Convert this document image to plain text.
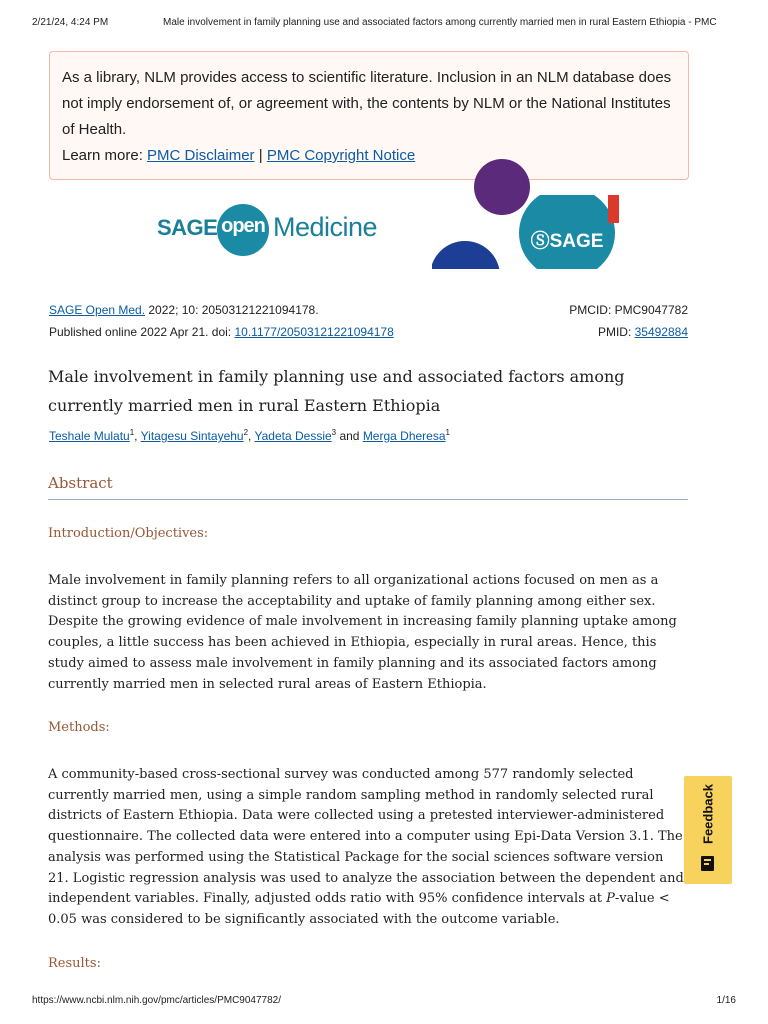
2/21/24, 4:24 PM	Male involvement in family planning use and associated factors among currently married men in rural Eastern Ethiopia - PMC
As a library, NLM provides access to scientific literature. Inclusion in an NLM database does not imply endorsement of, or agreement with, the contents by NLM or the National Institutes of Health.
Learn more: PMC Disclaimer | PMC Copyright Notice
SAGE open Medicine	ⓈSAGE
SAGE Open Med. 2022; 10: 20503121221094178.	PMCID: PMC9047782
Published online 2022 Apr 21. doi: 10.1177/20503121221094178	PMID: 35492884
Male involvement in family planning use and associated factors among currently married men in rural Eastern Ethiopia
Teshale Mulatu$^1$, Yitagesu Sintayehu$^2$, Yadeta Dessie$^3$ and Merga Dheresa$^1$
Abstract
Introduction/Objectives:

Male involvement in family planning refers to all organizational actions focused on men as a distinct group to increase the acceptability and uptake of family planning among either sex. Despite the growing evidence of male involvement in increasing family planning uptake among couples, a little success has been achieved in Ethiopia, especially in rural areas. Hence, this study aimed to assess male involvement in family planning and its associated factors among currently married men in selected rural areas of Eastern Ethiopia.

Methods:

A community-based cross-sectional survey was conducted among 577 randomly selected currently married men, using a simple random sampling method in randomly selected rural districts of Eastern Ethiopia. Data were collected using a pretested interviewer-administered questionnaire. The collected data were entered into a computer using Epi-Data Version 3.1. The analysis was performed using the Statistical Package for the social sciences software version 21. Logistic regression analysis was used to analyze the association between the dependent and independent variables. Finally, adjusted odds ratio with 95% confidence intervals at P-value < 0.05 was considered to be significantly associated with the outcome variable.

Results:
Feedback
https://www.ncbi.nlm.nih.gov/pmc/articles/PMC9047782/	1/16
